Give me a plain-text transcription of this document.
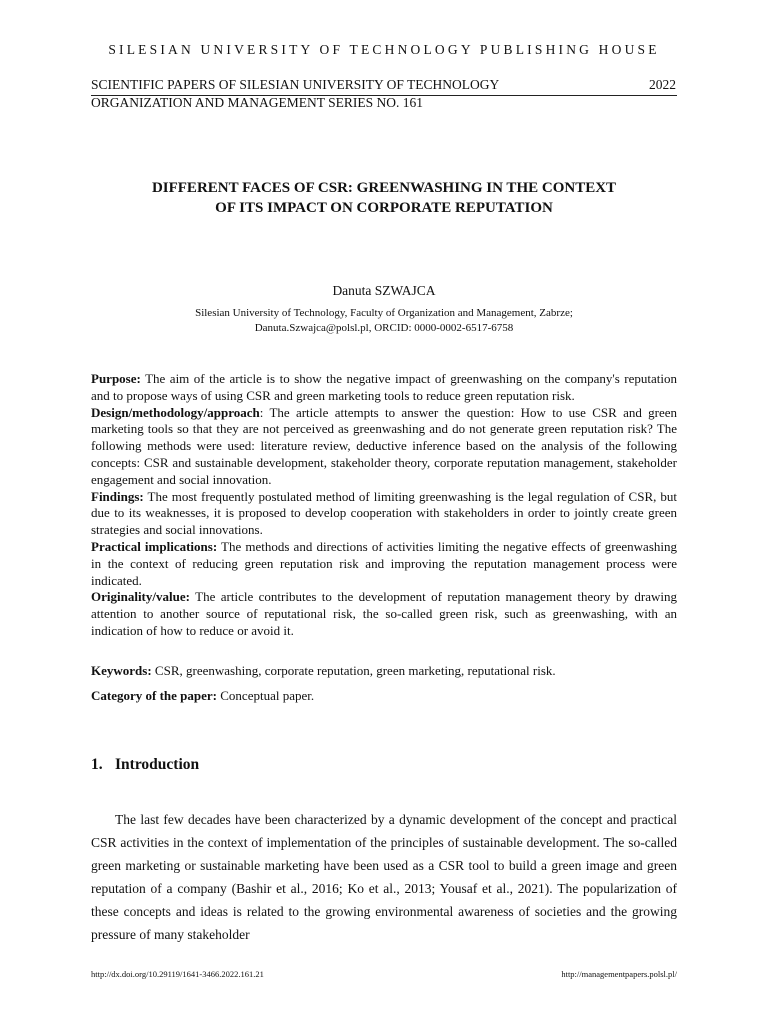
SILESIAN UNIVERSITY OF TECHNOLOGY PUBLISHING HOUSE
SCIENTIFIC PAPERS OF SILESIAN UNIVERSITY OF TECHNOLOGY	2022
ORGANIZATION AND MANAGEMENT SERIES NO. 161
DIFFERENT FACES OF CSR: GREENWASHING IN THE CONTEXT
OF ITS IMPACT ON CORPORATE REPUTATION
Danuta SZWAJCA
Silesian University of Technology, Faculty of Organization and Management, Zabrze;
Danuta.Szwajca@polsl.pl, ORCID: 0000-0002-6517-6758

Purpose: The aim of the article is to show the negative impact of greenwashing on the company's reputation and to propose ways of using CSR and green marketing tools to reduce green reputation risk.

Design/methodology/approach: The article attempts to answer the question: How to use CSR and green marketing tools so that they are not perceived as greenwashing and do not generate green reputation risk? The following methods were used: literature review, deductive inference based on the analysis of the following concepts: CSR and sustainable development, stakeholder theory, corporate reputation management, stakeholder engagement and social innovation.

Findings: The most frequently postulated method of limiting greenwashing is the legal regulation of CSR, but due to its weaknesses, it is proposed to develop cooperation with stakeholders in order to jointly create green strategies and social innovations.

Practical implications: The methods and directions of activities limiting the negative effects of greenwashing in the context of reducing green reputation risk and improving the reputation management process were indicated.

Originality/value: The article contributes to the development of reputation management theory by drawing attention to another source of reputational risk, the so-called green risk, such as greenwashing, with an indication of how to reduce or avoid it.

Keywords: CSR, greenwashing, corporate reputation, green marketing, reputational risk.

Category of the paper: Conceptual paper.

1. Introduction

The last few decades have been characterized by a dynamic development of the concept and practical CSR activities in the context of implementation of the principles of sustainable development. The so-called green marketing or sustainable marketing have been used as a CSR tool to build a green image and green reputation of a company (Bashir et al., 2016; Ko et al., 2013; Yousaf et al., 2021). The popularization of these concepts and ideas is related to the growing environmental awareness of societies and the growing pressure of many stakeholder

http://dx.doi.org/10.29119/1641-3466.2022.161.21	http://managementpapers.polsl.pl/
